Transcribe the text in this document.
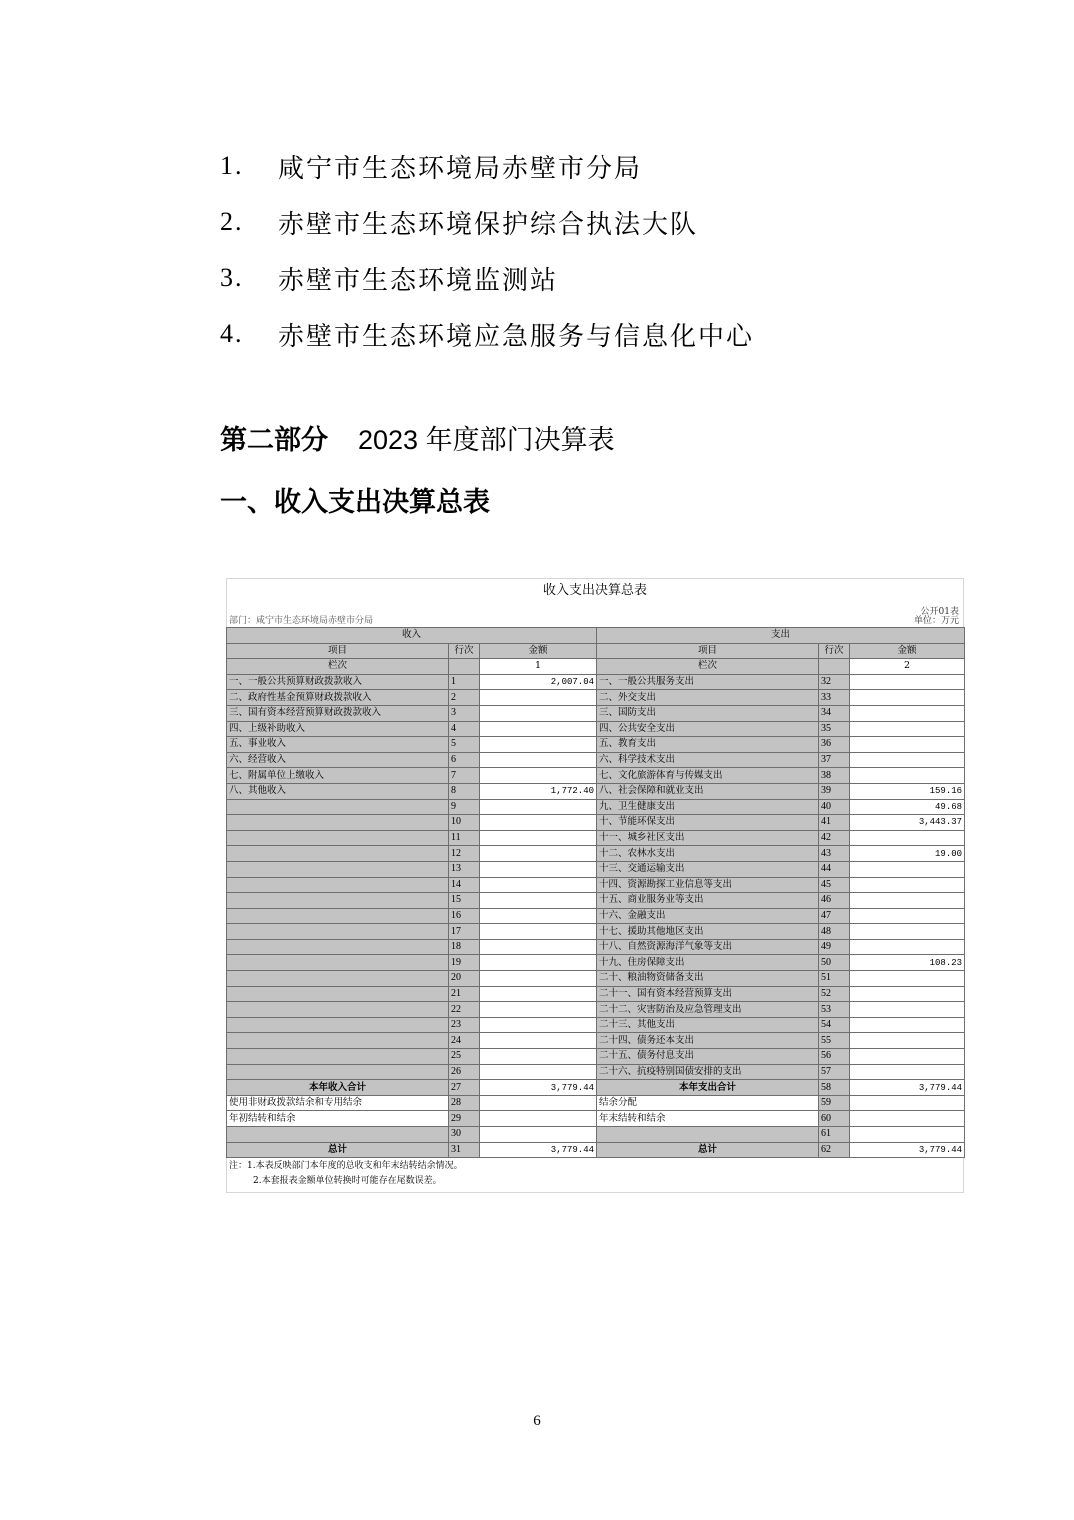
1.	咸宁市生态环境局赤壁市分局
2.	赤壁市生态环境保护综合执法大队
3.	赤壁市生态环境监测站
4.	赤壁市生态环境应急服务与信息化中心
第二部分 2023 年度部门决算表
一、收入支出决算总表
收入支出决算总表
公开01表
部门：咸宁市生态环境局赤壁市分局	单位：万元
收入			支出		
项目	行次	金额	项目	行次	金额
栏次		1	栏次		2
一、一般公共预算财政拨款收入	1	2,007.04	一、一般公共服务支出	32	
二、政府性基金预算财政拨款收入	2		二、外交支出	33	
三、国有资本经营预算财政拨款收入	3		三、国防支出	34	
四、上级补助收入	4		四、公共安全支出	35	
五、事业收入	5		五、教育支出	36	
六、经营收入	6		六、科学技术支出	37	
七、附属单位上缴收入	7		七、文化旅游体育与传媒支出	38	
八、其他收入	8	1,772.40	八、社会保障和就业支出	39	159.16
	9		九、卫生健康支出	40	49.68
	10		十、节能环保支出	41	3,443.37
	11		十一、城乡社区支出	42	
	12		十二、农林水支出	43	19.00
	13		十三、交通运输支出	44	
	14		十四、资源勘探工业信息等支出	45	
	15		十五、商业服务业等支出	46	
	16		十六、金融支出	47	
	17		十七、援助其他地区支出	48	
	18		十八、自然资源海洋气象等支出	49	
	19		十九、住房保障支出	50	108.23
	20		二十、粮油物资储备支出	51	
	21		二十一、国有资本经营预算支出	52	
	22		二十二、灾害防治及应急管理支出	53	
	23		二十三、其他支出	54	
	24		二十四、债务还本支出	55	
	25		二十五、债务付息支出	56	
	26		二十六、抗疫特别国债安排的支出	57	
本年收入合计	27	3,779.44	本年支出合计	58	3,779.44
使用非财政拨款结余和专用结余	28		结余分配	59	
年初结转和结余	29		年末结转和结余	60	
	30			61	
总计	31	3,779.44	总计	62	3,779.44
注：1.本表反映部门本年度的总收支和年末结转结余情况。
2.本套报表金额单位转换时可能存在尾数误差。
6
